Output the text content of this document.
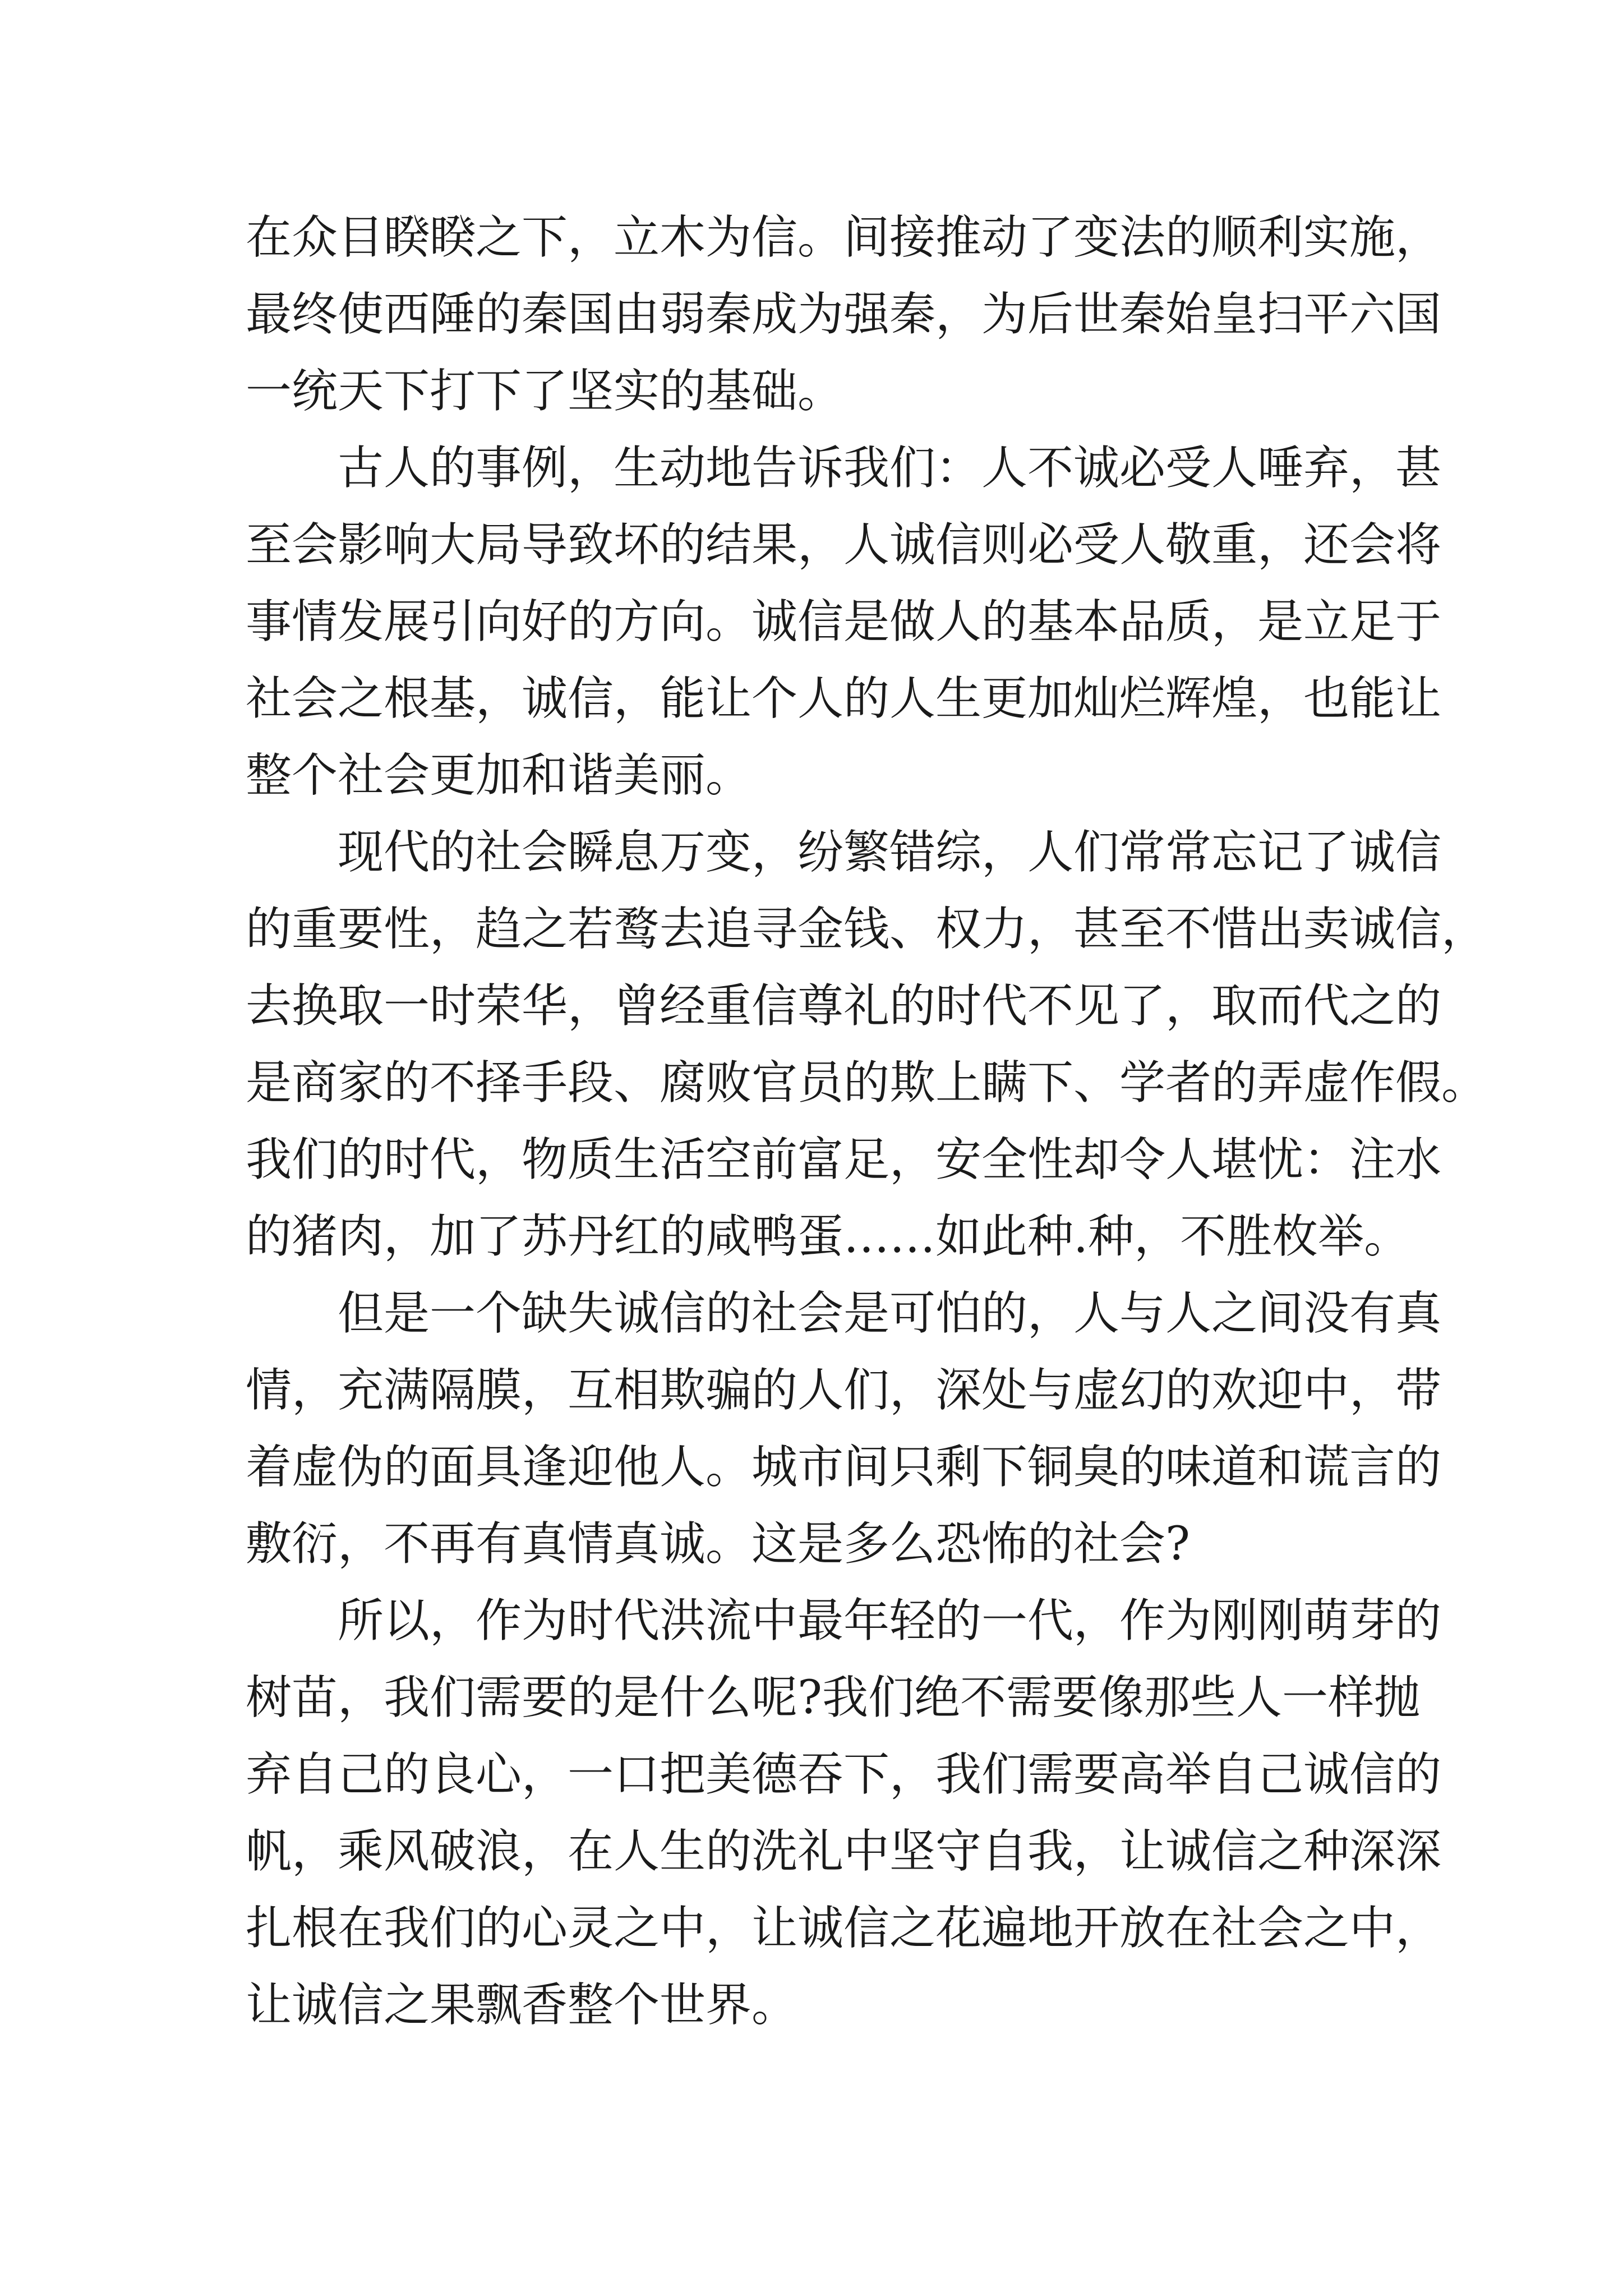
在众目睽睽之下，立木为信。间接推动了变法的顺利实施，
最终使西陲的秦国由弱秦成为强秦，为后世秦始皇扫平六国
一统天下打下了坚实的基础。
古人的事例，生动地告诉我们：人不诚必受人唾弃，甚
至会影响大局导致坏的结果，人诚信则必受人敬重，还会将
事情发展引向好的方向。诚信是做人的基本品质，是立足于
社会之根基，诚信，能让个人的人生更加灿烂辉煌，也能让
整个社会更加和谐美丽。
现代的社会瞬息万变，纷繁错综，人们常常忘记了诚信
的重要性，趋之若鹜去追寻金钱、权力，甚至不惜出卖诚信，
去换取一时荣华，曾经重信尊礼的时代不见了，取而代之的
是商家的不择手段、腐败官员的欺上瞒下、学者的弄虚作假。
我们的时代，物质生活空前富足，安全性却令人堪忧：注水
的猪肉，加了苏丹红的咸鸭蛋……如此种.种，不胜枚举。
但是一个缺失诚信的社会是可怕的，人与人之间没有真
情，充满隔膜，互相欺骗的人们，深处与虚幻的欢迎中，带
着虚伪的面具逢迎他人。城市间只剩下铜臭的味道和谎言的
敷衍，不再有真情真诚。这是多么恐怖的社会?
所以，作为时代洪流中最年轻的一代，作为刚刚萌芽的
树苗，我们需要的是什么呢?我们绝不需要像那些人一样抛
弃自己的良心，一口把美德吞下，我们需要高举自己诚信的
帆，乘风破浪，在人生的洗礼中坚守自我，让诚信之种深深
扎根在我们的心灵之中，让诚信之花遍地开放在社会之中，
让诚信之果飘香整个世界。
